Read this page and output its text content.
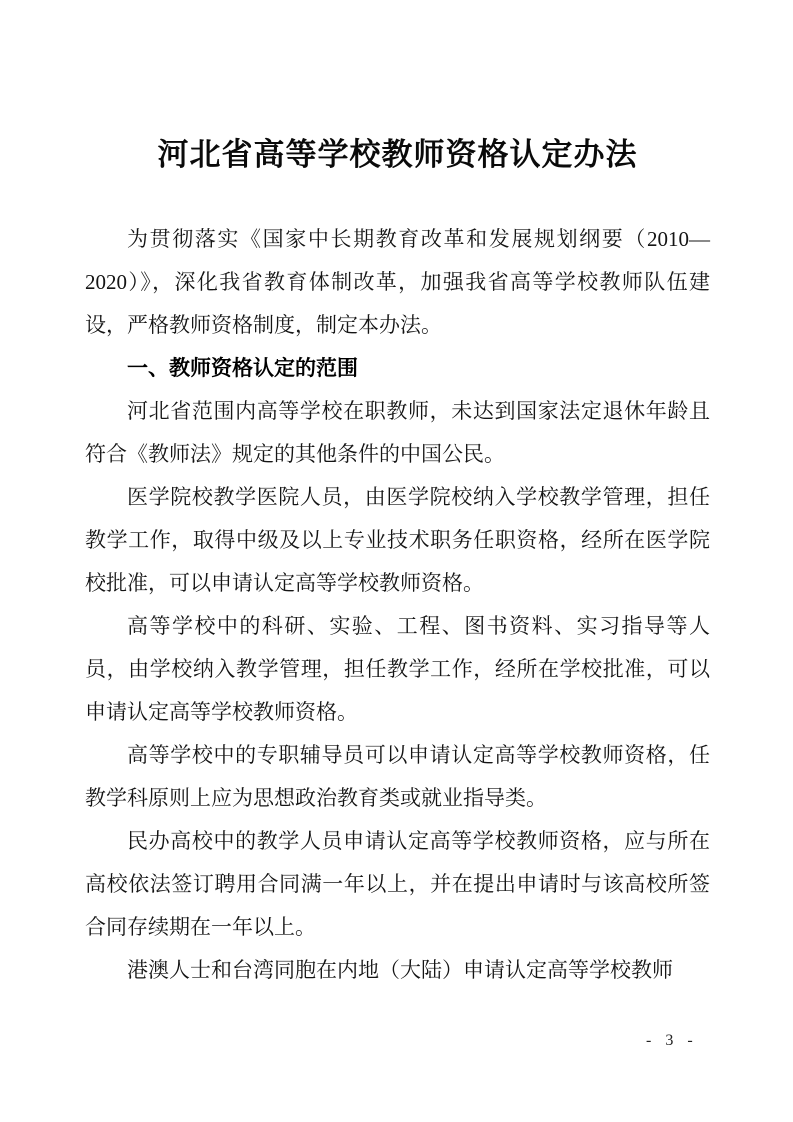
河北省高等学校教师资格认定办法

为贯彻落实《国家中长期教育改革和发展规划纲要（2010—2020）》，深化我省教育体制改革，加强我省高等学校教师队伍建设，严格教师资格制度，制定本办法。

一、教师资格认定的范围

河北省范围内高等学校在职教师，未达到国家法定退休年龄且符合《教师法》规定的其他条件的中国公民。

医学院校教学医院人员，由医学院校纳入学校教学管理，担任教学工作，取得中级及以上专业技术职务任职资格，经所在医学院校批准，可以申请认定高等学校教师资格。

高等学校中的科研、实验、工程、图书资料、实习指导等人员，由学校纳入教学管理，担任教学工作，经所在学校批准，可以申请认定高等学校教师资格。

高等学校中的专职辅导员可以申请认定高等学校教师资格，任教学科原则上应为思想政治教育类或就业指导类。

民办高校中的教学人员申请认定高等学校教师资格，应与所在高校依法签订聘用合同满一年以上，并在提出申请时与该高校所签合同存续期在一年以上。

港澳人士和台湾同胞在内地（大陆）申请认定高等学校教师

- 3 -
